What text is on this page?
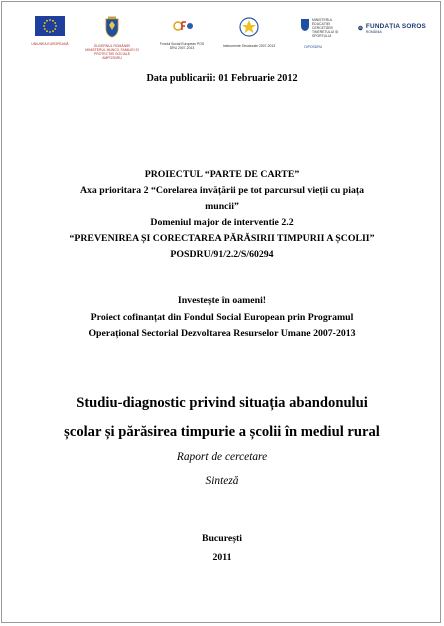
UNIUNEA EUROPEANĂ	GUVERNUL ROMÂNIEI MINISTERUL MUNCII, FAMILIEI ȘI PROTECȚIEI SOCIALE AMPOSDRU
Fondul Social European POS DRU 2007-2013	Instrumente Structurale 2007-2013
MINISTERUL EDUCAȚIEI CERCETĂRII TINERETULUI ȘI SPORTULUI
OIPOSDRU
FUNDAȚIA SOROS
ROMÂNIA
Data publicarii: 01 Februarie 2012
PROIECTUL “PARTE DE CARTE”
Axa prioritara 2 “Corelarea invățării pe tot parcursul vieții cu piața
muncii”
Domeniul major de interventie 2.2
“PREVENIREA ȘI CORECTAREA PĂRĂSIRII TIMPURII A ȘCOLII”
POSDRU/91/2.2/S/60294
Investește în oameni!
Proiect cofinanțat din Fondul Social European prin Programul
Operațional Sectorial Dezvoltarea Resurselor Umane 2007-2013
Studiu-diagnostic privind situația abandonului
școlar și părăsirea timpurie a școlii în mediul rural
Raport de cercetare
Sinteză
București
2011
